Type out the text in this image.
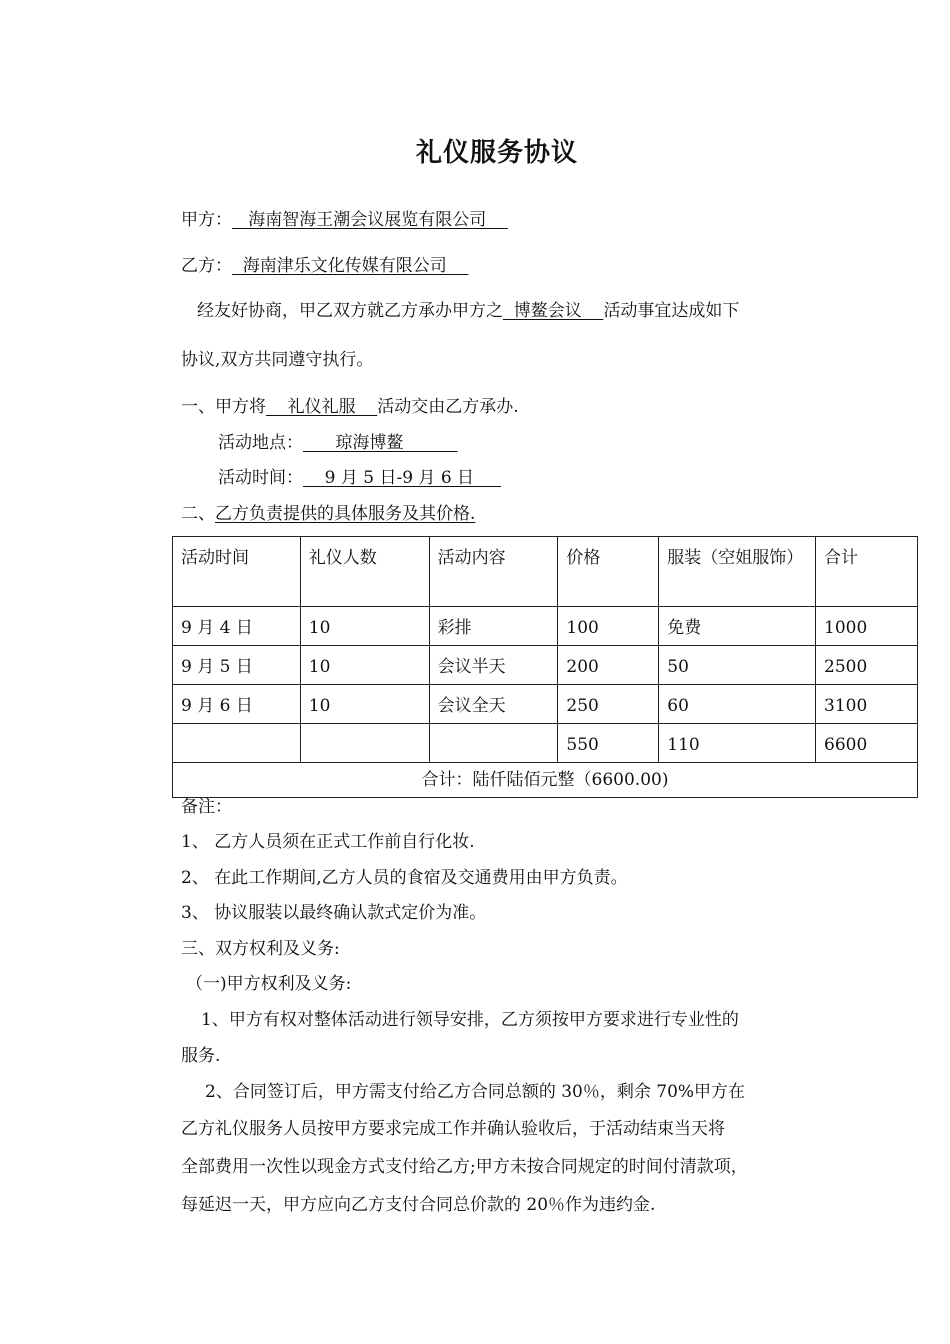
礼仪服务协议
甲方：   海南智海王潮会议展览有限公司
乙方：  海南津乐文化传媒有限公司
经友好协商，甲乙双方就乙方承办甲方之  博鳌会议    活动事宜达成如下
协议,双方共同遵守执行。
一、甲方将    礼仪礼服    活动交由乙方承办.
活动地点：      琼海博鳌
活动时间：    9 月 5 日-9 月 6 日
二、乙方负责提供的具体服务及其价格.
活动时间	礼仪人数	活动内容	价格	服装（空姐服饰）	合计
9 月 4 日	10	彩排	100	免费	1000
9 月 5 日	10	会议半天	200	50	2500
9 月 6 日	10	会议全天	250	60	3100
			550	110	6600
合计：陆仟陆佰元整（6600.00)					
备注：
1、 乙方人员须在正式工作前自行化妆.
2、 在此工作期间,乙方人员的食宿及交通费用由甲方负责。
3、 协议服装以最终确认款式定价为准。
三、双方权利及义务:
（一)甲方权利及义务:
1、甲方有权对整体活动进行领导安排，乙方须按甲方要求进行专业性的
服务.
2、合同签订后，甲方需支付给乙方合同总额的 30％，剩余 70%甲方在
乙方礼仪服务人员按甲方要求完成工作并确认验收后，于活动结束当天将
全部费用一次性以现金方式支付给乙方;甲方未按合同规定的时间付清款项，
每延迟一天，甲方应向乙方支付合同总价款的 20％作为违约金.
